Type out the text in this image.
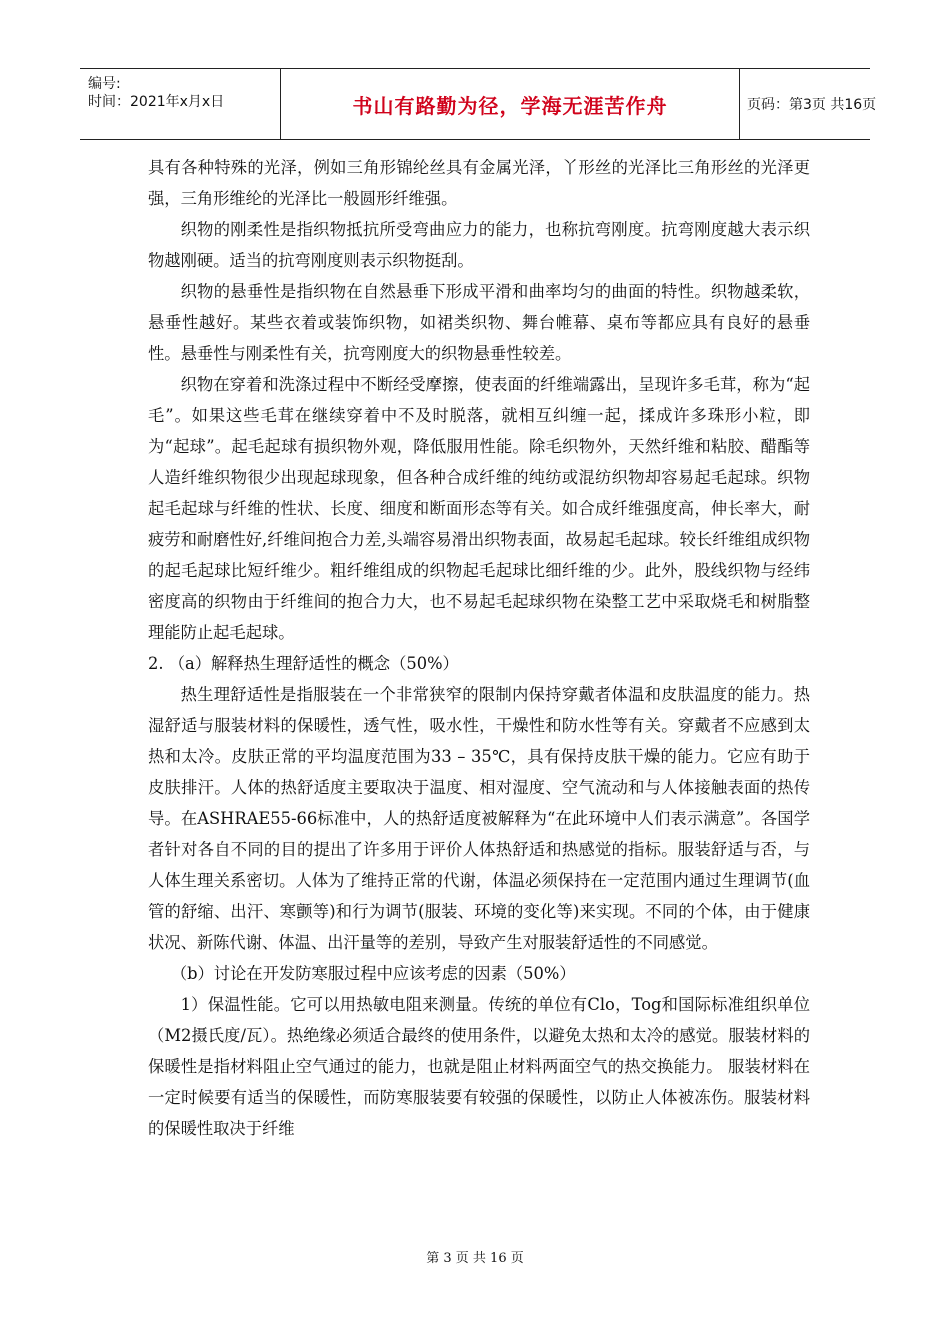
编号:
时间：2021年x月x日	书山有路勤为径，学海无涯苦作舟	页码：第3页 共16页

具有各种特殊的光泽，例如三角形锦纶丝具有金属光泽，丫形丝的光泽比三角形丝的光泽更强，三角形维纶的光泽比一般圆形纤维强。

织物的刚柔性是指织物抵抗所受弯曲应力的能力，也称抗弯刚度。抗弯刚度越大表示织物越刚硬。适当的抗弯刚度则表示织物挺刮。

织物的悬垂性是指织物在自然悬垂下形成平滑和曲率均匀的曲面的特性。织物越柔软，悬垂性越好。某些衣着或装饰织物，如裙类织物、舞台帷幕、桌布等都应具有良好的悬垂性。悬垂性与刚柔性有关，抗弯刚度大的织物悬垂性较差。

织物在穿着和洗涤过程中不断经受摩擦，使表面的纤维端露出，呈现许多毛茸，称为“起毛”。如果这些毛茸在继续穿着中不及时脱落，就相互纠缠一起，揉成许多珠形小粒，即为“起球”。起毛起球有损织物外观，降低服用性能。除毛织物外，天然纤维和粘胶、醋酯等人造纤维织物很少出现起球现象，但各种合成纤维的纯纺或混纺织物却容易起毛起球。织物起毛起球与纤维的性状、长度、细度和断面形态等有关。如合成纤维强度高，伸长率大，耐疲劳和耐磨性好,纤维间抱合力差,头端容易滑出织物表面，故易起毛起球。较长纤维组成织物的起毛起球比短纤维少。粗纤维组成的织物起毛起球比细纤维的少。此外，股线织物与经纬密度高的织物由于纤维间的抱合力大，也不易起毛起球织物在染整工艺中采取烧毛和树脂整理能防止起毛起球。

2. （a）解释热生理舒适性的概念（50%）

热生理舒适性是指服装在一个非常狭窄的限制内保持穿戴者体温和皮肤温度的能力。热湿舒适与服装材料的保暖性，透气性，吸水性，干燥性和防水性等有关。穿戴者不应感到太热和太冷。皮肤正常的平均温度范围为33 – 35℃，具有保持皮肤干燥的能力。它应有助于皮肤排汗。人体的热舒适度主要取决于温度、相对湿度、空气流动和与人体接触表面的热传导。在ASHRAE55-66标准中，人的热舒适度被解释为“在此环境中人们表示满意”。各国学者针对各自不同的目的提出了许多用于评价人体热舒适和热感觉的指标。服装舒适与否，与人体生理关系密切。人体为了维持正常的代谢，体温必须保持在一定范围内通过生理调节(血管的舒缩、出汗、寒颤等)和行为调节(服装、环境的变化等)来实现。不同的个体，由于健康状况、新陈代谢、体温、出汗量等的差别，导致产生对服装舒适性的不同感觉。

（b）讨论在开发防寒服过程中应该考虑的因素（50%）

1）保温性能。它可以用热敏电阻来测量。传统的单位有Clo，Tog和国际标准组织单位（M2摄氏度/瓦）。热绝缘必须适合最终的使用条件，以避免太热和太冷的感觉。服装材料的保暖性是指材料阻止空气通过的能力，也就是阻止材料两面空气的热交换能力。 服装材料在一定时候要有适当的保暖性，而防寒服装要有较强的保暖性，以防止人体被冻伤。服装材料的保暖性取决于纤维

第 3 页 共 16 页
